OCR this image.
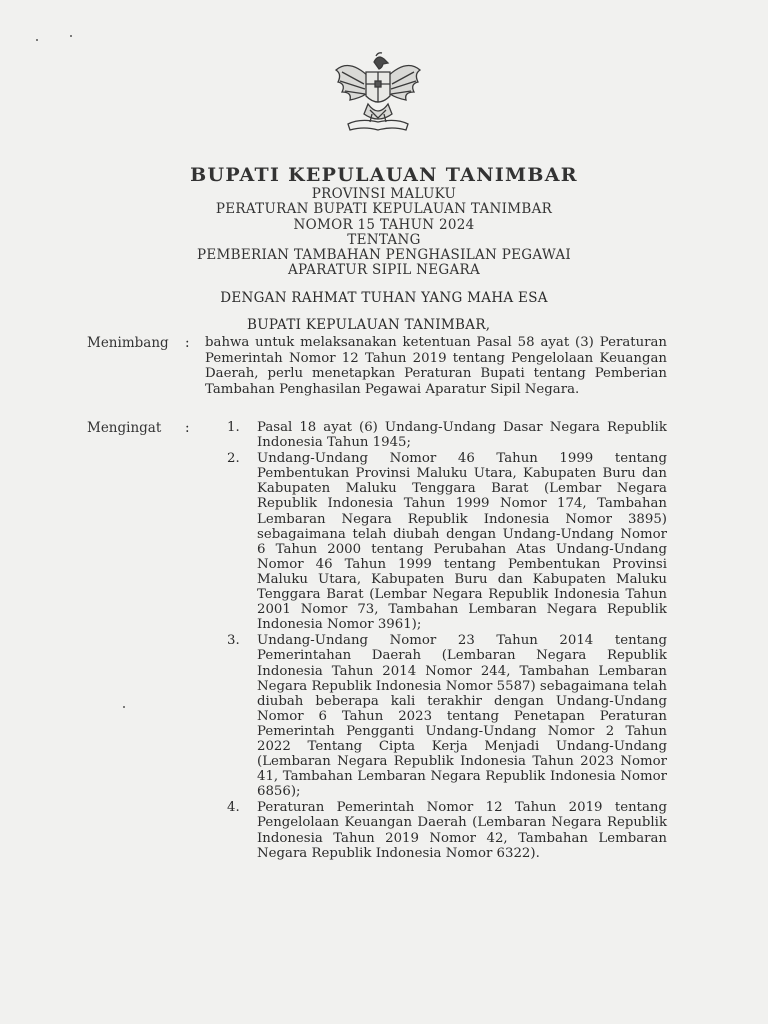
BUPATI KEPULAUAN TANIMBAR
PROVINSI MALUKU
PERATURAN BUPATI KEPULAUAN TANIMBAR
NOMOR 15 TAHUN 2024
TENTANG
PEMBERIAN TAMBAHAN PENGHASILAN PEGAWAI
APARATUR SIPIL NEGARA
DENGAN RAHMAT TUHAN YANG MAHA ESA
BUPATI KEPULAUAN TANIMBAR,
Menimbang : bahwa untuk melaksanakan ketentuan Pasal 58 ayat (3) Peraturan Pemerintah Nomor 12 Tahun 2019 tentang Pengelolaan Keuangan Daerah, perlu menetapkan Peraturan Bupati tentang Pemberian Tambahan Penghasilan Pegawai Aparatur Sipil Negara.
Mengingat :	1.	Pasal 18 ayat (6) Undang-Undang Dasar Negara Republik Indonesia Tahun 1945;
2.	Undang-Undang Nomor 46 Tahun 1999 tentang Pembentukan Provinsi Maluku Utara, Kabupaten Buru dan Kabupaten Maluku Tenggara Barat (Lembar Negara Republik Indonesia Tahun 1999 Nomor 174, Tambahan Lembaran Negara Republik Indonesia Nomor 3895) sebagaimana telah diubah dengan Undang-Undang Nomor 6 Tahun 2000 tentang Perubahan Atas Undang-Undang Nomor 46 Tahun 1999 tentang Pembentukan Provinsi Maluku Utara, Kabupaten Buru dan Kabupaten Maluku Tenggara Barat (Lembar Negara Republik Indonesia Tahun 2001 Nomor 73, Tambahan Lembaran Negara Republik Indonesia Nomor 3961);
3.	Undang-Undang Nomor 23 Tahun 2014 tentang Pemerintahan Daerah (Lembaran Negara Republik Indonesia Tahun 2014 Nomor 244, Tambahan Lembaran Negara Republik Indonesia Nomor 5587) sebagaimana telah diubah beberapa kali terakhir dengan Undang-Undang Nomor 6 Tahun 2023 tentang Penetapan Peraturan Pemerintah Pengganti Undang-Undang Nomor 2 Tahun 2022 Tentang Cipta Kerja Menjadi Undang-Undang (Lembaran Negara Republik Indonesia Tahun 2023 Nomor 41, Tambahan Lembaran Negara Republik Indonesia Nomor 6856);
4.	Peraturan Pemerintah Nomor 12 Tahun 2019 tentang Pengelolaan Keuangan Daerah (Lembaran Negara Republik Indonesia Tahun 2019 Nomor 42, Tambahan Lembaran Negara Republik Indonesia Nomor 6322).
